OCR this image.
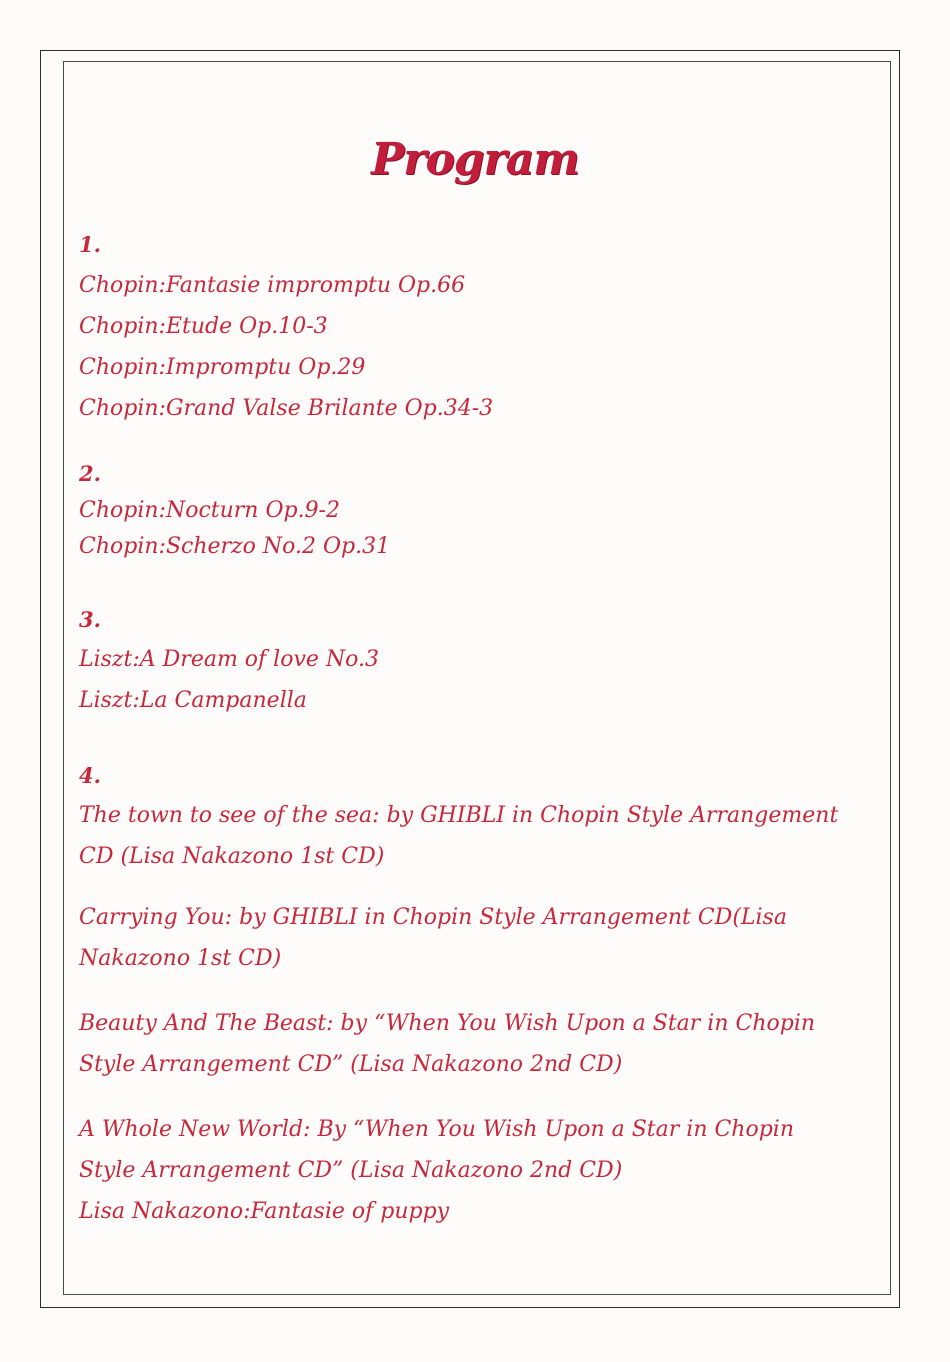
Program
1.
Chopin:Fantasie impromptu Op.66
Chopin:Etude Op.10-3
Chopin:Impromptu Op.29
Chopin:Grand Valse Brilante Op.34-3
2.
Chopin:Nocturn Op.9-2
Chopin:Scherzo No.2 Op.31
3.
Liszt:A Dream of love No.3
Liszt:La Campanella
4.
The town to see of the sea: by GHIBLI in Chopin Style Arrangement
CD (Lisa Nakazono 1st CD)
Carrying You: by GHIBLI in Chopin Style Arrangement CD(Lisa
Nakazono 1st CD)
Beauty And The Beast: by “When You Wish Upon a Star in Chopin
Style Arrangement CD” (Lisa Nakazono 2nd CD)
A Whole New World: By “When You Wish Upon a Star in Chopin
Style Arrangement CD” (Lisa Nakazono 2nd CD)
Lisa Nakazono:Fantasie of puppy
